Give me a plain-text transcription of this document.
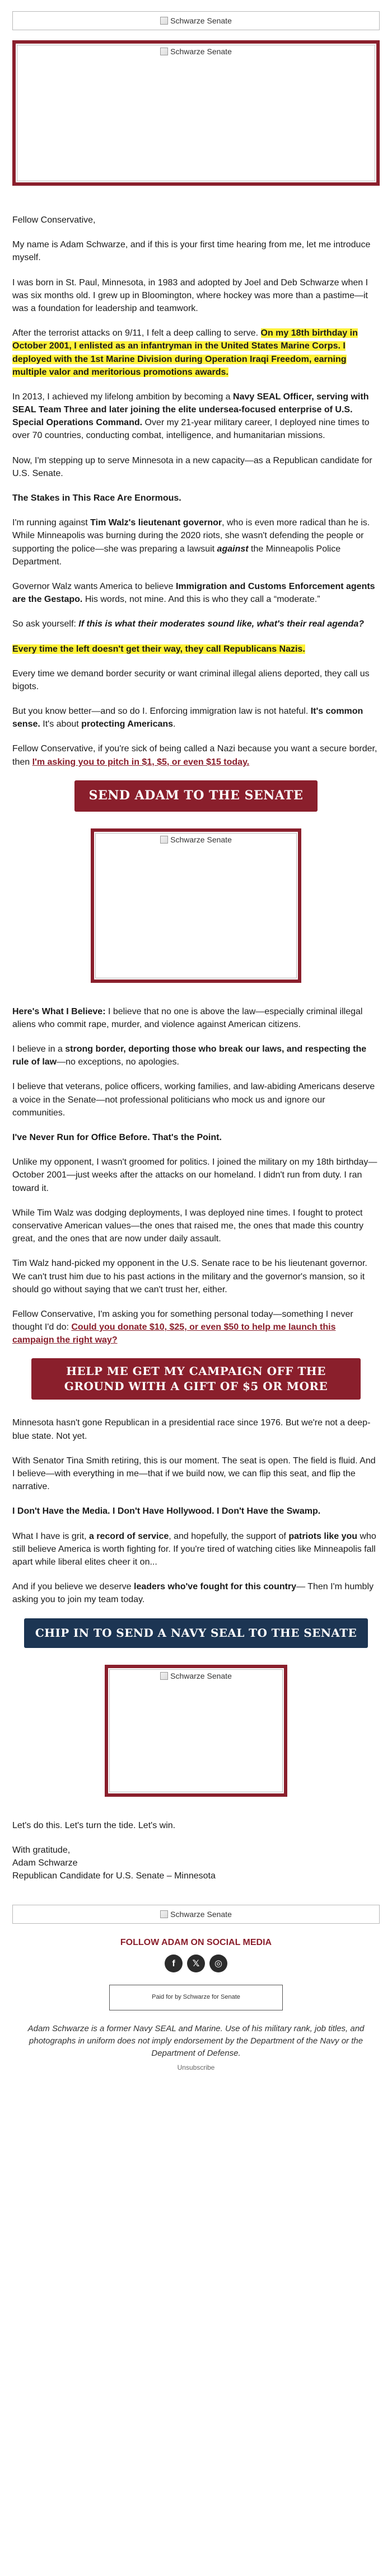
Schwarze Senate
Schwarze Senate

Fellow Conservative,

My name is Adam Schwarze, and if this is your first time hearing from me, let me introduce myself.

I was born in St. Paul, Minnesota, in 1983 and adopted by Joel and Deb Schwarze when I was six months old. I grew up in Bloomington, where hockey was more than a pastime—it was a foundation for leadership and teamwork.

After the terrorist attacks on 9/11, I felt a deep calling to serve. On my 18th birthday in October 2001, I enlisted as an infantryman in the United States Marine Corps. I deployed with the 1st Marine Division during Operation Iraqi Freedom, earning multiple valor and meritorious promotions awards.

In 2013, I achieved my lifelong ambition by becoming a Navy SEAL Officer, serving with SEAL Team Three and later joining the elite undersea-focused enterprise of U.S. Special Operations Command. Over my 21-year military career, I deployed nine times to over 70 countries, conducting combat, intelligence, and humanitarian missions.

Now, I'm stepping up to serve Minnesota in a new capacity—as a Republican candidate for U.S. Senate.

The Stakes in This Race Are Enormous.

I'm running against Tim Walz's lieutenant governor, who is even more radical than he is. While Minneapolis was burning during the 2020 riots, she wasn't defending the people or supporting the police—she was preparing a lawsuit against the Minneapolis Police Department.

Governor Walz wants America to believe Immigration and Customs Enforcement agents are the Gestapo. His words, not mine. And this is who they call a “moderate.”

So ask yourself: If this is what their moderates sound like, what's their real agenda?

Every time the left doesn't get their way, they call Republicans Nazis.

Every time we demand border security or want criminal illegal aliens deported, they call us bigots.

But you know better—and so do I. Enforcing immigration law is not hateful. It's common sense. It's about protecting Americans.

Fellow Conservative, if you're sick of being called a Nazi because you want a secure border, then I'm asking you to pitch in $1, $5, or even $15 today.

SEND ADAM TO THE SENATE
Schwarze Senate

Here's What I Believe: I believe that no one is above the law—especially criminal illegal aliens who commit rape, murder, and violence against American citizens.

I believe in a strong border, deporting those who break our laws, and respecting the rule of law—no exceptions, no apologies.

I believe that veterans, police officers, working families, and law-abiding Americans deserve a voice in the Senate—not professional politicians who mock us and ignore our communities.

I've Never Run for Office Before. That's the Point.

Unlike my opponent, I wasn't groomed for politics. I joined the military on my 18th birthday—October 2001—just weeks after the attacks on our homeland. I didn't run from duty. I ran toward it.

While Tim Walz was dodging deployments, I was deployed nine times. I fought to protect conservative American values—the ones that raised me, the ones that made this country great, and the ones that are now under daily assault.

Tim Walz hand-picked my opponent in the U.S. Senate race to be his lieutenant governor. We can't trust him due to his past actions in the military and the governor's mansion, so it should go without saying that we can't trust her, either.

Fellow Conservative, I'm asking you for something personal today—something I never thought I'd do: Could you donate $10, $25, or even $50 to help me launch this campaign the right way?

HELP ME GET MY CAMPAIGN OFF THE GROUND WITH A GIFT OF $5 OR MORE

Minnesota hasn't gone Republican in a presidential race since 1976. But we're not a deep-blue state. Not yet.

With Senator Tina Smith retiring, this is our moment. The seat is open. The field is fluid. And I believe—with everything in me—that if we build now, we can flip this seat, and flip the narrative.

I Don't Have the Media. I Don't Have Hollywood. I Don't Have the Swamp.

What I have is grit, a record of service, and hopefully, the support of patriots like you who still believe America is worth fighting for. If you're tired of watching cities like Minneapolis fall apart while liberal elites cheer it on...

And if you believe we deserve leaders who've fought for this country— Then I'm humbly asking you to join my team today.

CHIP IN TO SEND A NAVY SEAL TO THE SENATE
Schwarze Senate

Let's do this. Let's turn the tide. Let's win.

With gratitude,

Adam Schwarze

Republican Candidate for U.S. Senate – Minnesota

Schwarze Senate
FOLLOW ADAM ON SOCIAL MEDIA
f	𝕏	◎
Paid for by Schwarze for Senate
Adam Schwarze is a former Navy SEAL and Marine. Use of his military rank, job titles, and photographs in uniform does not imply endorsement by the Department of the Navy or the Department of Defense.
Unsubscribe
